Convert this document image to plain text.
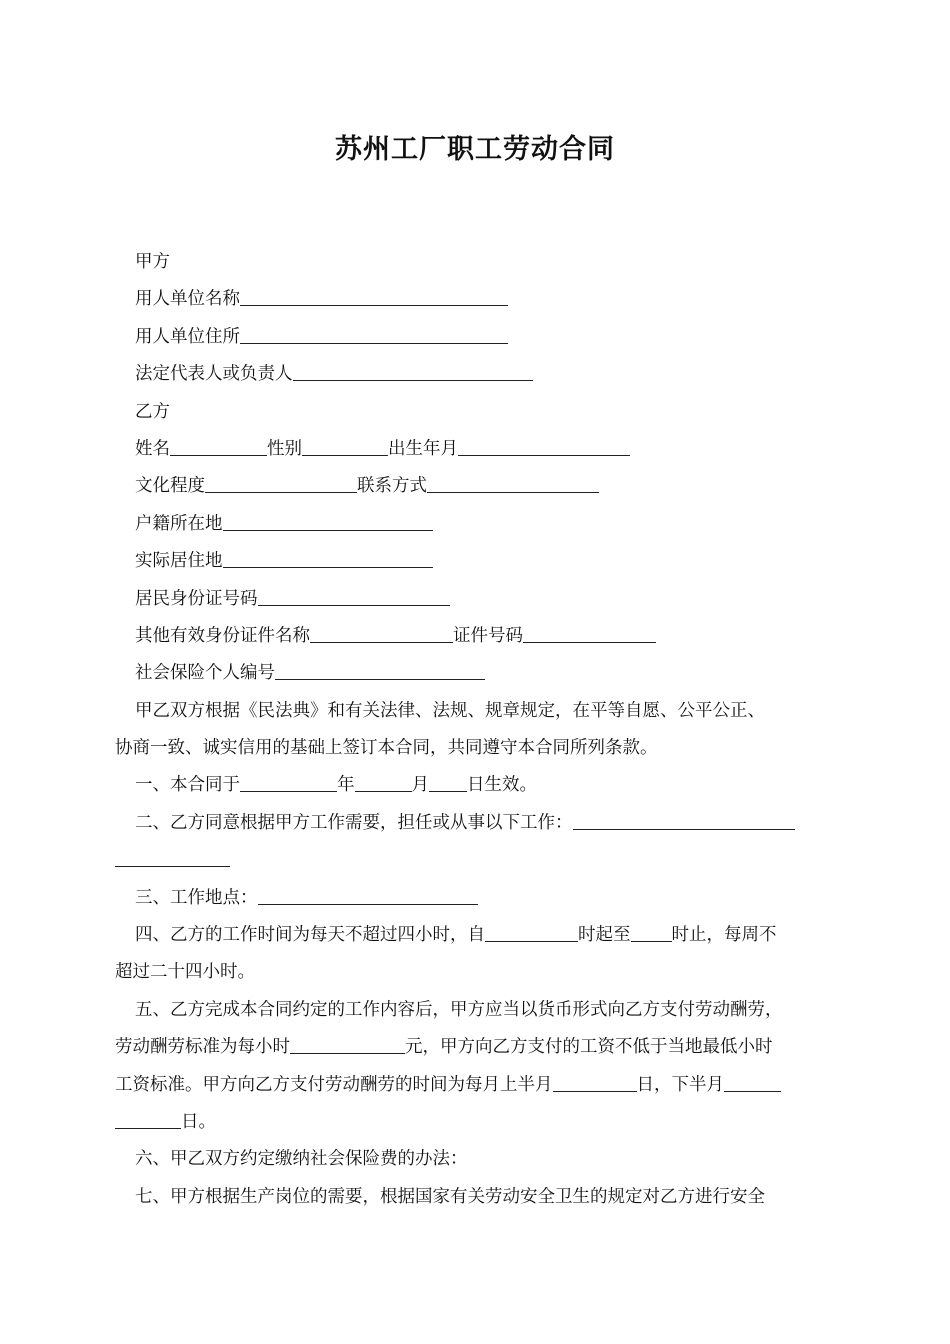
苏州工厂职工劳动合同
甲方
用人单位名称
用人单位住所
法定代表人或负责人
乙方
姓名	性别	出生年月
文化程度	联系方式
户籍所在地
实际居住地
居民身份证号码
其他有效身份证件名称	证件号码
社会保险个人编号
甲乙双方根据《民法典》和有关法律、法规、规章规定，在平等自愿、公平公正、
协商一致、诚实信用的基础上签订本合同，共同遵守本合同所列条款。
一、本合同于	年	月 日生效。
二、乙方同意根据甲方工作需要，担任或从事以下工作：
三、工作地点：
四、乙方的工作时间为每天不超过四小时，自	时起至 时止，每周不
超过二十四小时。
五、乙方完成本合同约定的工作内容后，甲方应当以货币形式向乙方支付劳动酬劳，
劳动酬劳标准为每小时	元，甲方向乙方支付的工资不低于当地最低小时
工资标准。甲方向乙方支付劳动酬劳的时间为每月上半月	日，下半月
日。
六、甲乙双方约定缴纳社会保险费的办法：
七、甲方根据生产岗位的需要，根据国家有关劳动安全卫生的规定对乙方进行安全
